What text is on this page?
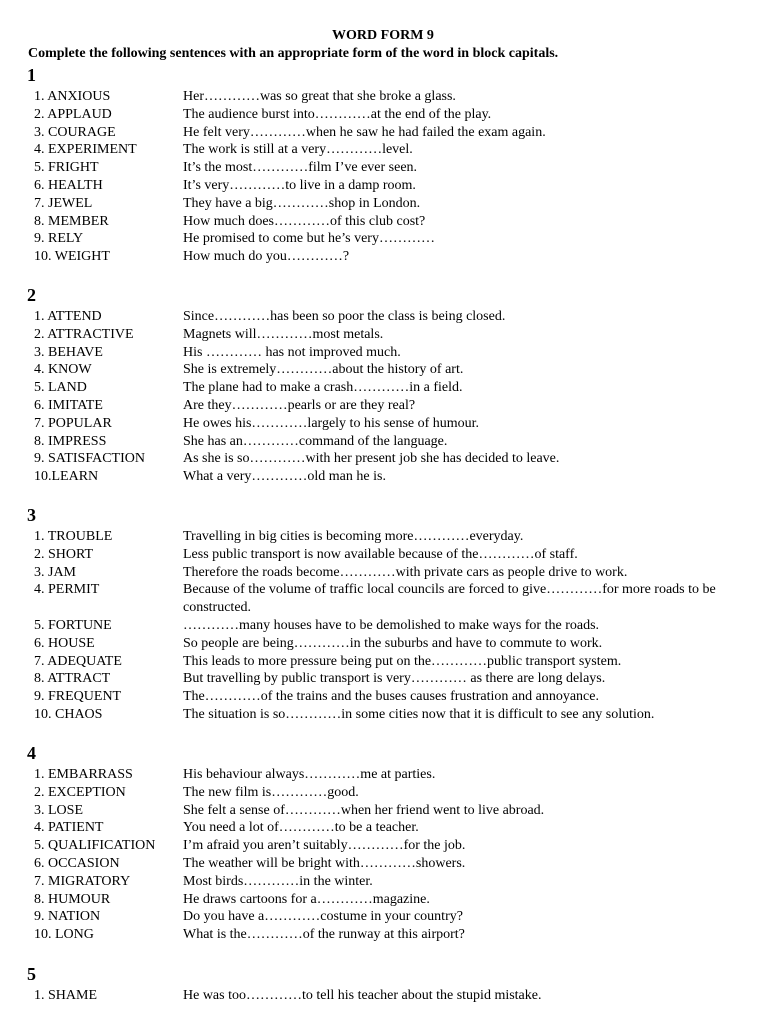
WORD FORM 9
Complete the following sentences with an appropriate form of the word in block capitals.
1
1. ANXIOUS	Her…………was so great that she broke a glass.
2. APPLAUD	The audience burst into…………at the end of the play.
3. COURAGE	He felt very…………when he saw he had failed the exam again.
4. EXPERIMENT	The work is still at a very…………level.
5. FRIGHT	It’s the most…………film I’ve ever seen.
6. HEALTH	It’s very…………to live in a damp room.
7. JEWEL	They have a big…………shop in London.
8. MEMBER	How much does…………of this club cost?
9. RELY	He promised to come but he’s very…………
10. WEIGHT	How much do you…………?
2
1. ATTEND	Since…………has been so poor the class is being closed.
2. ATTRACTIVE	Magnets will…………most metals.
3. BEHAVE	His ………… has not improved much.
4. KNOW	She is extremely…………about the history of art.
5. LAND	The plane had to make a crash…………in a field.
6. IMITATE	Are they…………pearls or are they real?
7. POPULAR	He owes his…………largely to his sense of humour.
8. IMPRESS	She has an…………command of the language.
9. SATISFACTION	As she is so…………with her present job she has decided to leave.
10.LEARN	What a very…………old man he is.
3
1. TROUBLE	Travelling in big cities is becoming more…………everyday.
2. SHORT	Less public transport is now available because of the…………of staff.
3. JAM	Therefore the roads become…………with private cars as people drive to work.
4. PERMIT	Because of the volume of traffic local councils are forced to give…………for more roads to be constructed.
5. FORTUNE	…………many houses have to be demolished to make ways for the roads.
6. HOUSE	So people are being…………in the suburbs and have to commute to work.
7. ADEQUATE	This leads to more pressure being put on the…………public transport system.
8. ATTRACT	But travelling by public transport is very………… as there are long delays.
9. FREQUENT	The…………of the trains and the buses causes frustration and annoyance.
10. CHAOS	The situation is so…………in some cities now that it is difficult to see any solution.
4
1. EMBARRASS	His behaviour always…………me at parties.
2. EXCEPTION	The new film is…………good.
3. LOSE	She felt a sense of…………when her friend went to live abroad.
4. PATIENT	You need a lot of…………to be a teacher.
5. QUALIFICATION I’m afraid you aren’t suitably…………for the job.
6. OCCASION	The weather will be bright with…………showers.
7. MIGRATORY	Most birds…………in the winter.
8. HUMOUR	He draws cartoons for a…………magazine.
9. NATION	Do you have a…………costume in your country?
10. LONG	What is the…………of the runway at this airport?
5
1. SHAME	He was too…………to tell his teacher about the stupid mistake.
